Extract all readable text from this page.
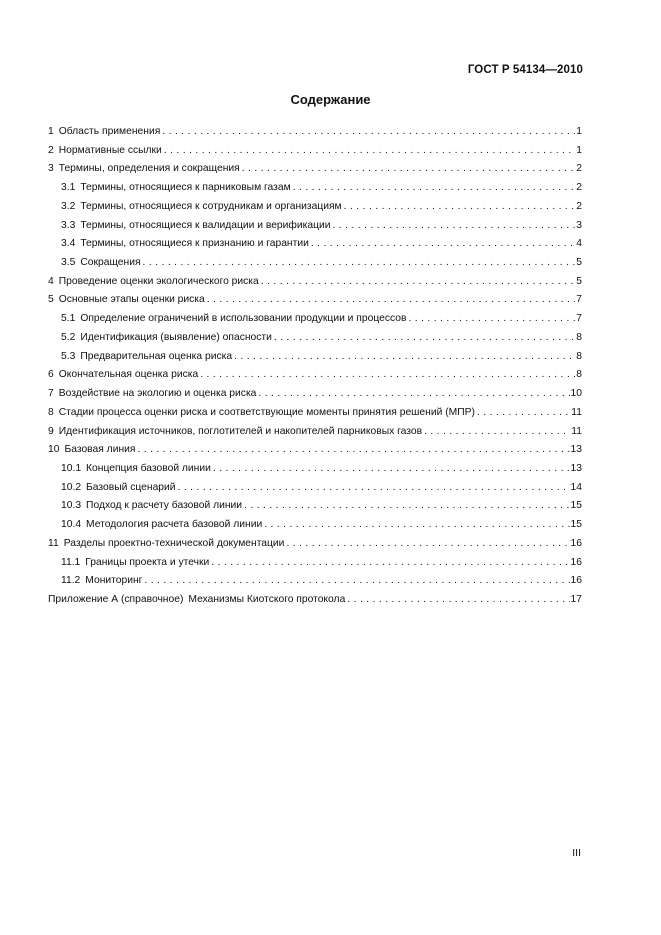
ГОСТ Р 54134—2010
Содержание
1 Область применения . . .	1
2 Нормативные ссылки . . .	1
3 Термины, определения и сокращения . . .	2
3.1 Термины, относящиеся к парниковым газам . . .	2
3.2 Термины, относящиеся к сотрудникам и организациям . . .	2
3.3 Термины, относящиеся к валидации и верификации . . .	3
3.4 Термины, относящиеся к признанию и гарантии . . .	4
3.5 Сокращения . . .	5
4 Проведение оценки экологического риска . . .	5
5 Основные этапы оценки риска . . .	7
5.1 Определение ограничений в использовании продукции и процессов . . .	7
5.2 Идентификация (выявление) опасности . . .	8
5.3 Предварительная оценка риска . . .	8
6 Окончательная оценка риска . . .	8
7 Воздействие на экологию и оценка риска . . .	10
8 Стадии процесса оценки риска и соответствующие моменты принятия решений (МПР) . . .	11
9 Идентификация источников, поглотителей и накопителей парниковых газов . . .	11
10 Базовая линия . . .	13
10.1 Концепция базовой линии . . .	13
10.2 Базовый сценарий . . .	14
10.3 Подход к расчету базовой линии . . .	15
10.4 Методология расчета базовой линии . . .	15
11 Разделы проектно-технической документации . . .	16
11.1 Границы проекта и утечки . . .	16
11.2 Мониторинг . . .	16
Приложение А (справочное) Механизмы Киотского протокола . . .	17
III
